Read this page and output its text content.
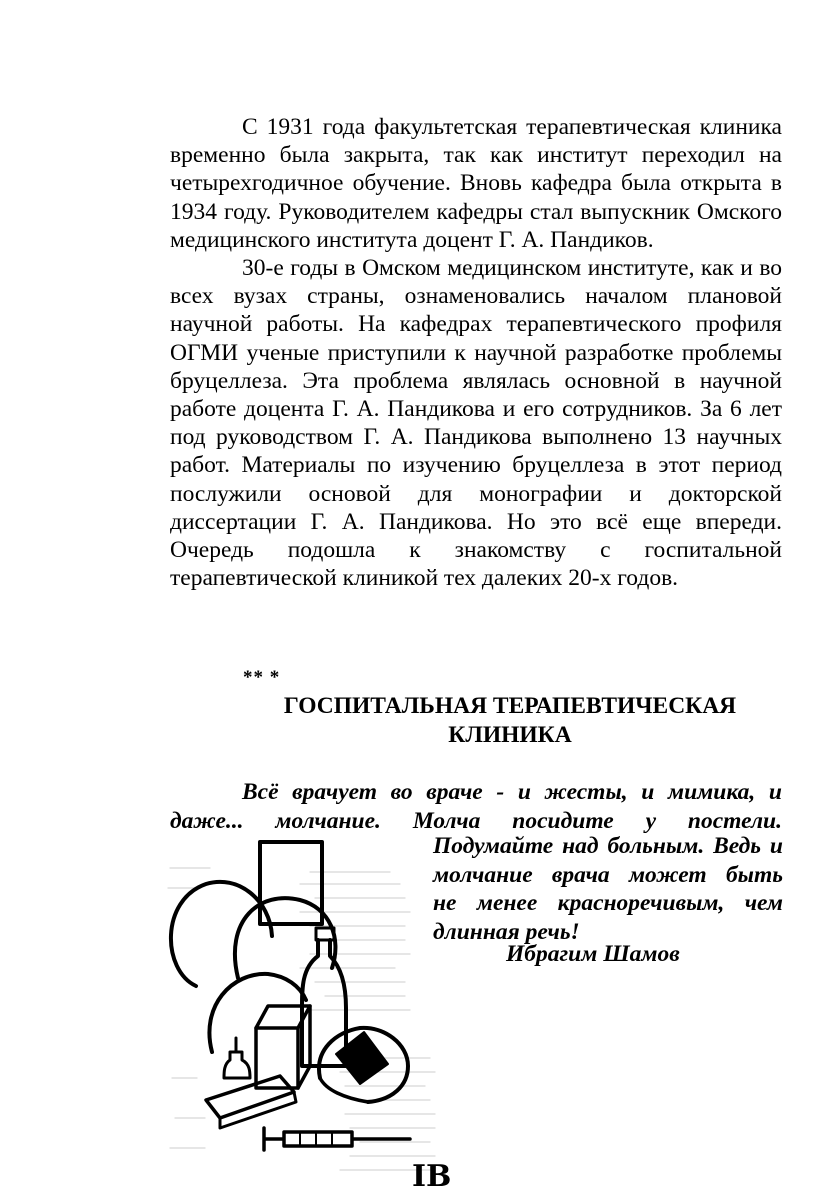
С 1931 года факультетская терапевтическая клиника временно была закрыта, так как институт переходил на четырехгодичное обучение. Вновь кафедра была открыта в 1934 году. Руководителем кафедры стал выпускник Омского медицинского института доцент Г. А. Пандиков.

30-е годы в Омском медицинском институте, как и во всех вузах страны, ознаменовались началом плановой научной работы. На кафедрах терапевтического профиля ОГМИ ученые приступили к научной разработке проблемы бруцеллеза. Эта проблема являлась основной в научной работе доцента Г. А. Пандикова и его сотрудников. За 6 лет под руководством Г. А. Пандикова выполнено 13 научных работ. Материалы по изучению бруцеллеза в этот период послужили основой для монографии и докторской диссертации Г. А. Пандикова. Но это всё еще впереди. Очередь подошла к знакомству с госпитальной терапевтической клиникой тех далеких 20-х годов.

** *
ГОСПИТАЛЬНАЯ ТЕРАПЕВТИЧЕСКАЯ
КЛИНИКА
Всё врачует во враче - и жесты, и мимика, и
даже... молчание. Молча посидите у постели.
Подумайте над больным. Ведь и
молчание врача может быть
не менее красноречивым, чем
длинная речь!
Ибрагим Шамов
IB
